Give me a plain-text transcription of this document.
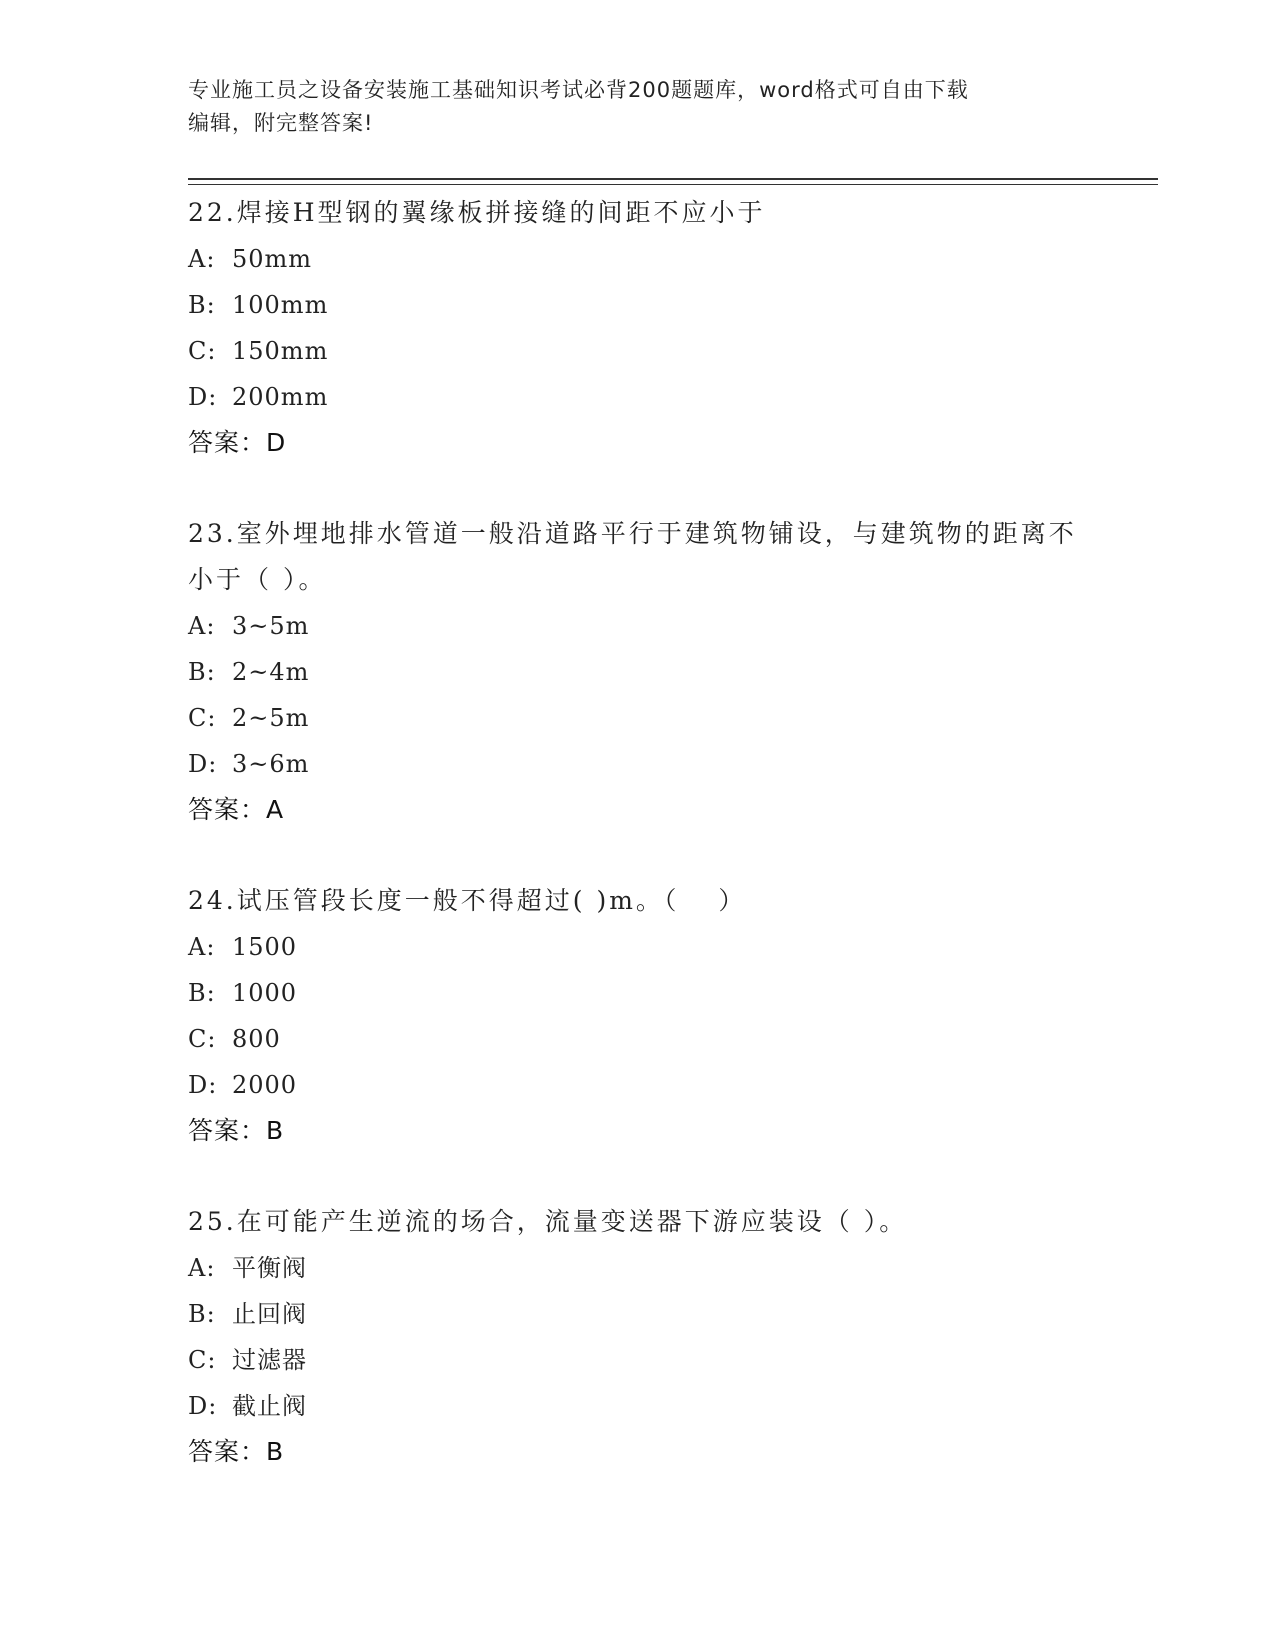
专业施工员之设备安装施工基础知识考试必背200题题库，word格式可自由下载
编辑，附完整答案!

22.焊接H型钢的翼缘板拼接缝的间距不应小于

A: 50mm

B: 100mm

C: 150mm

D: 200mm

答案：D

23.室外埋地排水管道一般沿道路平行于建筑物铺设，与建筑物的距离不小于（ ）。

A: 3~5m

B: 2~4m

C: 2~5m

D: 3~6m

答案：A

24.试压管段长度一般不得超过( )m。（　 ）

A: 1500

B: 1000

C: 800

D: 2000

答案：B

25.在可能产生逆流的场合，流量变送器下游应装设（ ）。

A: 平衡阀

B: 止回阀

C: 过滤器

D: 截止阀

答案：B
